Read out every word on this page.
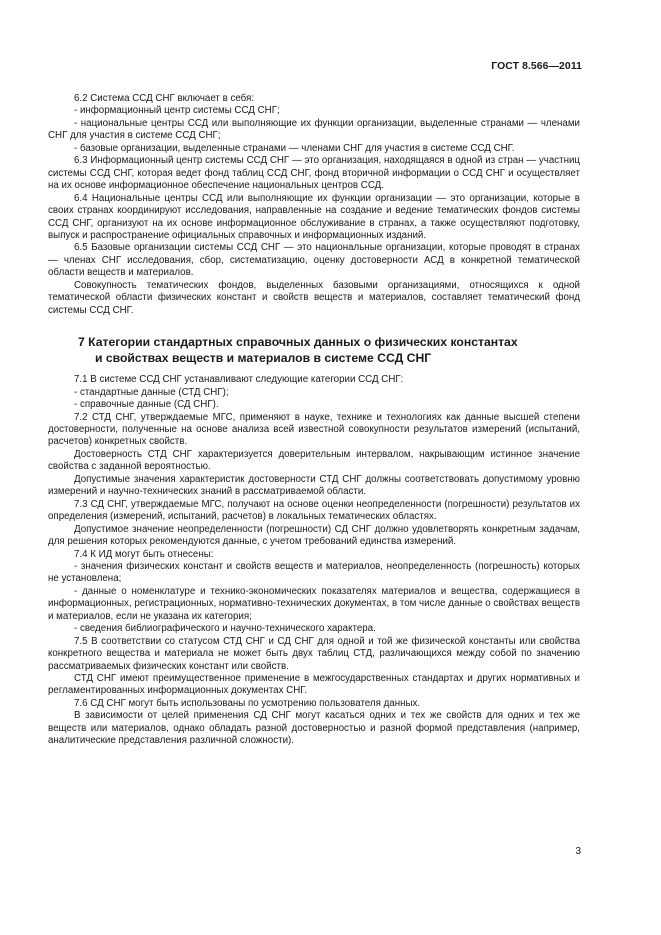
ГОСТ 8.566—2011

6.2 Система ССД СНГ включает в себя:

- информационный центр системы ССД СНГ;

- национальные центры ССД или выполняющие их функции организации, выделенные странами — членами СНГ для участия в системе ССД СНГ;

- базовые организации, выделенные странами — членами СНГ для участия в системе ССД СНГ.

6.3 Информационный центр системы ССД СНГ — это организация, находящаяся в одной из стран — участниц системы ССД СНГ, которая ведет фонд таблиц ССД СНГ, фонд вторичной информации о ССД СНГ и осуществляет на их основе информационное обеспечение национальных центров ССД.

6.4 Национальные центры ССД или выполняющие их функции организации — это организации, которые в своих странах координируют исследования, направленные на создание и ведение тематических фондов системы ССД СНГ, организуют на их основе информационное обслуживание в странах, а также осуществляют подготовку, выпуск и распространение официальных справочных и информационных изданий.

6.5 Базовые организации системы ССД СНГ — это национальные организации, которые проводят в странах — членах СНГ исследования, сбор, систематизацию, оценку достоверности АСД в конкретной тематической области веществ и материалов.

Совокупность тематических фондов, выделенных базовыми организациями, относящихся к одной тематической области физических констант и свойств веществ и материалов, составляет тематический фонд системы ССД СНГ.

7 Категории стандартных справочных данных о физических константах
и свойствах веществ и материалов в системе ССД СНГ

7.1 В системе ССД СНГ устанавливают следующие категории ССД СНГ:

- стандартные данные (СТД СНГ);

- справочные данные (СД СНГ).

7.2 СТД СНГ, утверждаемые МГС, применяют в науке, технике и технологиях как данные высшей степени достоверности, полученные на основе анализа всей известной совокупности результатов измерений (испытаний, расчетов) конкретных свойств.

Достоверность СТД СНГ характеризуется доверительным интервалом, накрывающим истинное значение свойства с заданной вероятностью.

Допустимые значения характеристик достоверности СТД СНГ должны соответствовать допустимому уровню измерений и научно-технических знаний в рассматриваемой области.

7.3 СД СНГ, утверждаемые МГС, получают на основе оценки неопределенности (погрешности) результатов их определения (измерений, испытаний, расчетов) в локальных тематических областях.

Допустимое значение неопределенности (погрешности) СД СНГ должно удовлетворять конкретным задачам, для решения которых рекомендуются данные, с учетом требований единства измерений.

7.4 К ИД могут быть отнесены:

- значения физических констант и свойств веществ и материалов, неопределенность (погрешность) которых не установлена;

- данные о номенклатуре и технико-экономических показателях материалов и вещества, содержащиеся в информационных, регистрационных, нормативно-технических документах, в том числе данные о свойствах веществ и материалов, если не указана их категория;

- сведения библиографического и научно-технического характера.

7.5 В соответствии со статусом СТД СНГ и СД СНГ для одной и той же физической константы или свойства конкретного вещества и материала не может быть двух таблиц СТД, различающихся между собой по значению рассматриваемых физических констант или свойств.

СТД СНГ имеют преимущественное применение в межгосударственных стандартах и других нормативных и регламентированных информационных документах СНГ.

7.6 СД СНГ могут быть использованы по усмотрению пользователя данных.

В зависимости от целей применения СД СНГ могут касаться одних и тех же свойств для одних и тех же веществ или материалов, однако обладать разной достоверностью и разной формой представления (например, аналитические представления различной сложности).

3
